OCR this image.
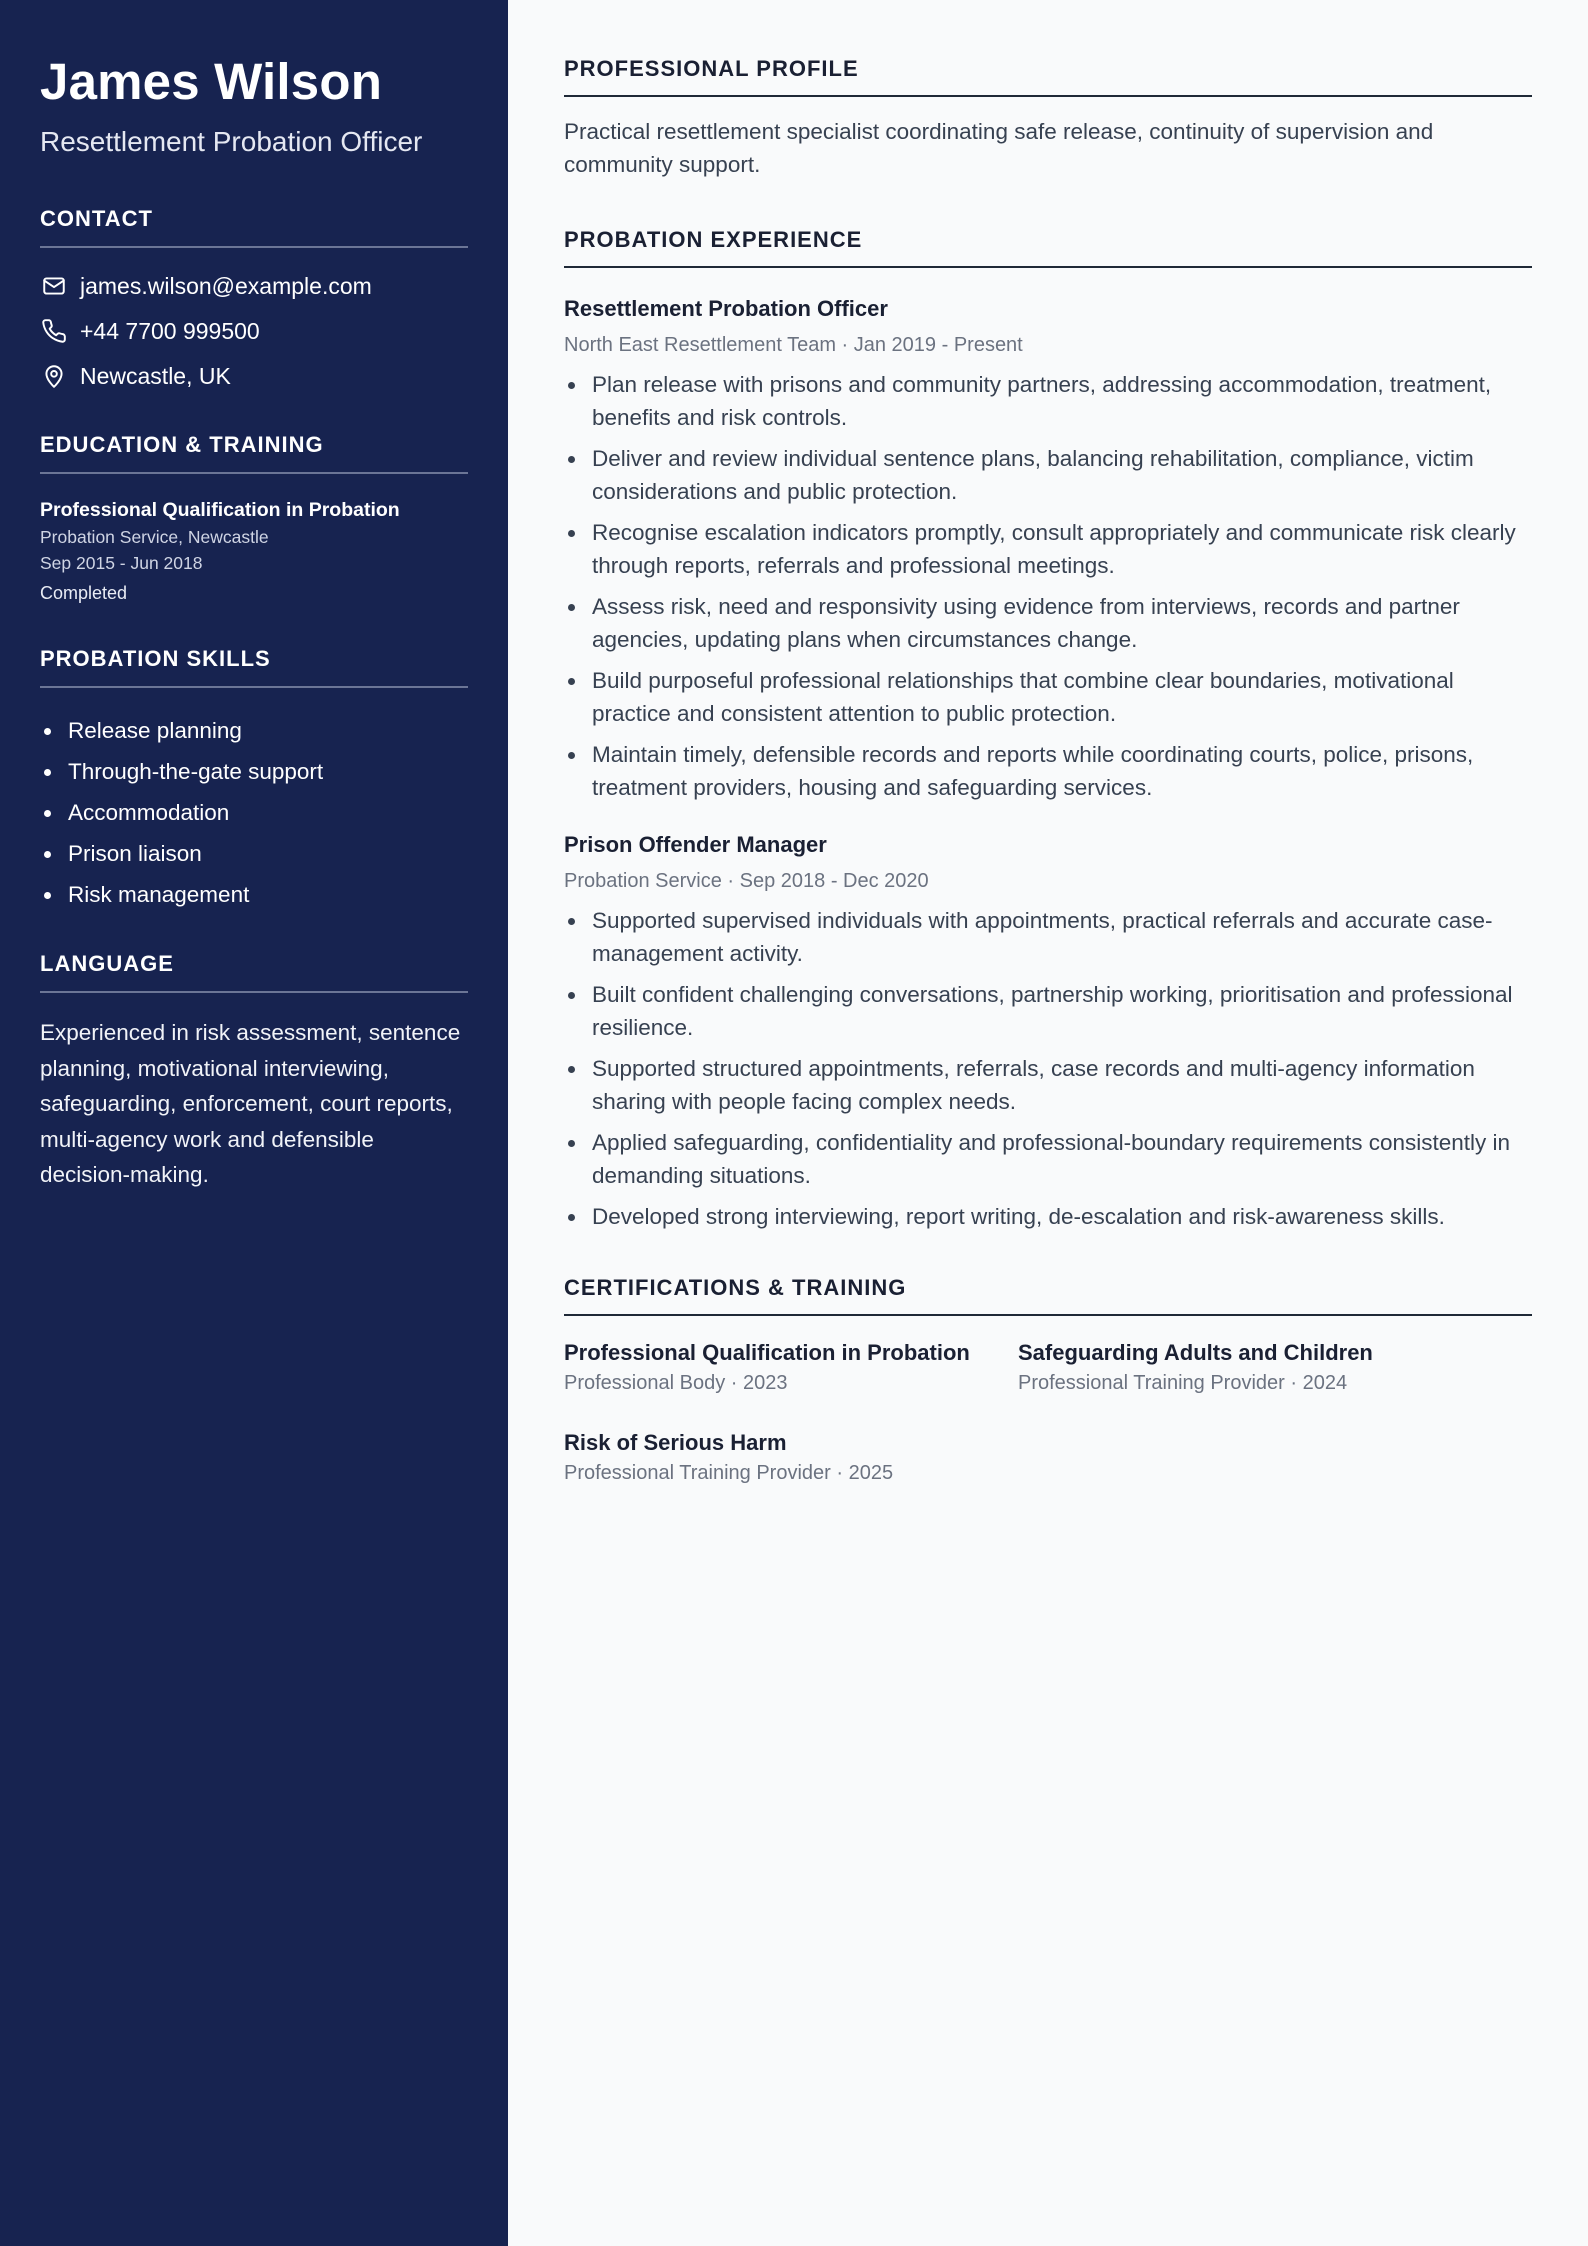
James Wilson
Resettlement Probation Officer
CONTACT
james.wilson@example.com
+44 7700 999500
Newcastle, UK
EDUCATION & TRAINING
Professional Qualification in Probation
Probation Service, Newcastle
Sep 2015 - Jun 2018
Completed
PROBATION SKILLS
Release planning
Through-the-gate support
Accommodation
Prison liaison
Risk management
LANGUAGE

Experienced in risk assessment, sentence planning, motivational interviewing, safeguarding, enforcement, court reports, multi-agency work and defensible decision-making.

PROFESSIONAL PROFILE

Practical resettlement specialist coordinating safe release, continuity of supervision and community support.

PROBATION EXPERIENCE
Resettlement Probation Officer
North East Resettlement Team · Jan 2019 - Present
Plan release with prisons and community partners, addressing accommodation, treatment, benefits and risk controls.
Deliver and review individual sentence plans, balancing rehabilitation, compliance, victim considerations and public protection.
Recognise escalation indicators promptly, consult appropriately and communicate risk clearly through reports, referrals and professional meetings.
Assess risk, need and responsivity using evidence from interviews, records and partner agencies, updating plans when circumstances change.
Build purposeful professional relationships that combine clear boundaries, motivational practice and consistent attention to public protection.
Maintain timely, defensible records and reports while coordinating courts, police, prisons, treatment providers, housing and safeguarding services.
Prison Offender Manager
Probation Service · Sep 2018 - Dec 2020
Supported supervised individuals with appointments, practical referrals and accurate case-management activity.
Built confident challenging conversations, partnership working, prioritisation and professional resilience.
Supported structured appointments, referrals, case records and multi-agency information sharing with people facing complex needs.
Applied safeguarding, confidentiality and professional-boundary requirements consistently in demanding situations.
Developed strong interviewing, report writing, de-escalation and risk-awareness skills.
CERTIFICATIONS & TRAINING
Professional Qualification in Probation
Professional Body · 2023
Safeguarding Adults and Children
Professional Training Provider · 2024
Risk of Serious Harm
Professional Training Provider · 2025
